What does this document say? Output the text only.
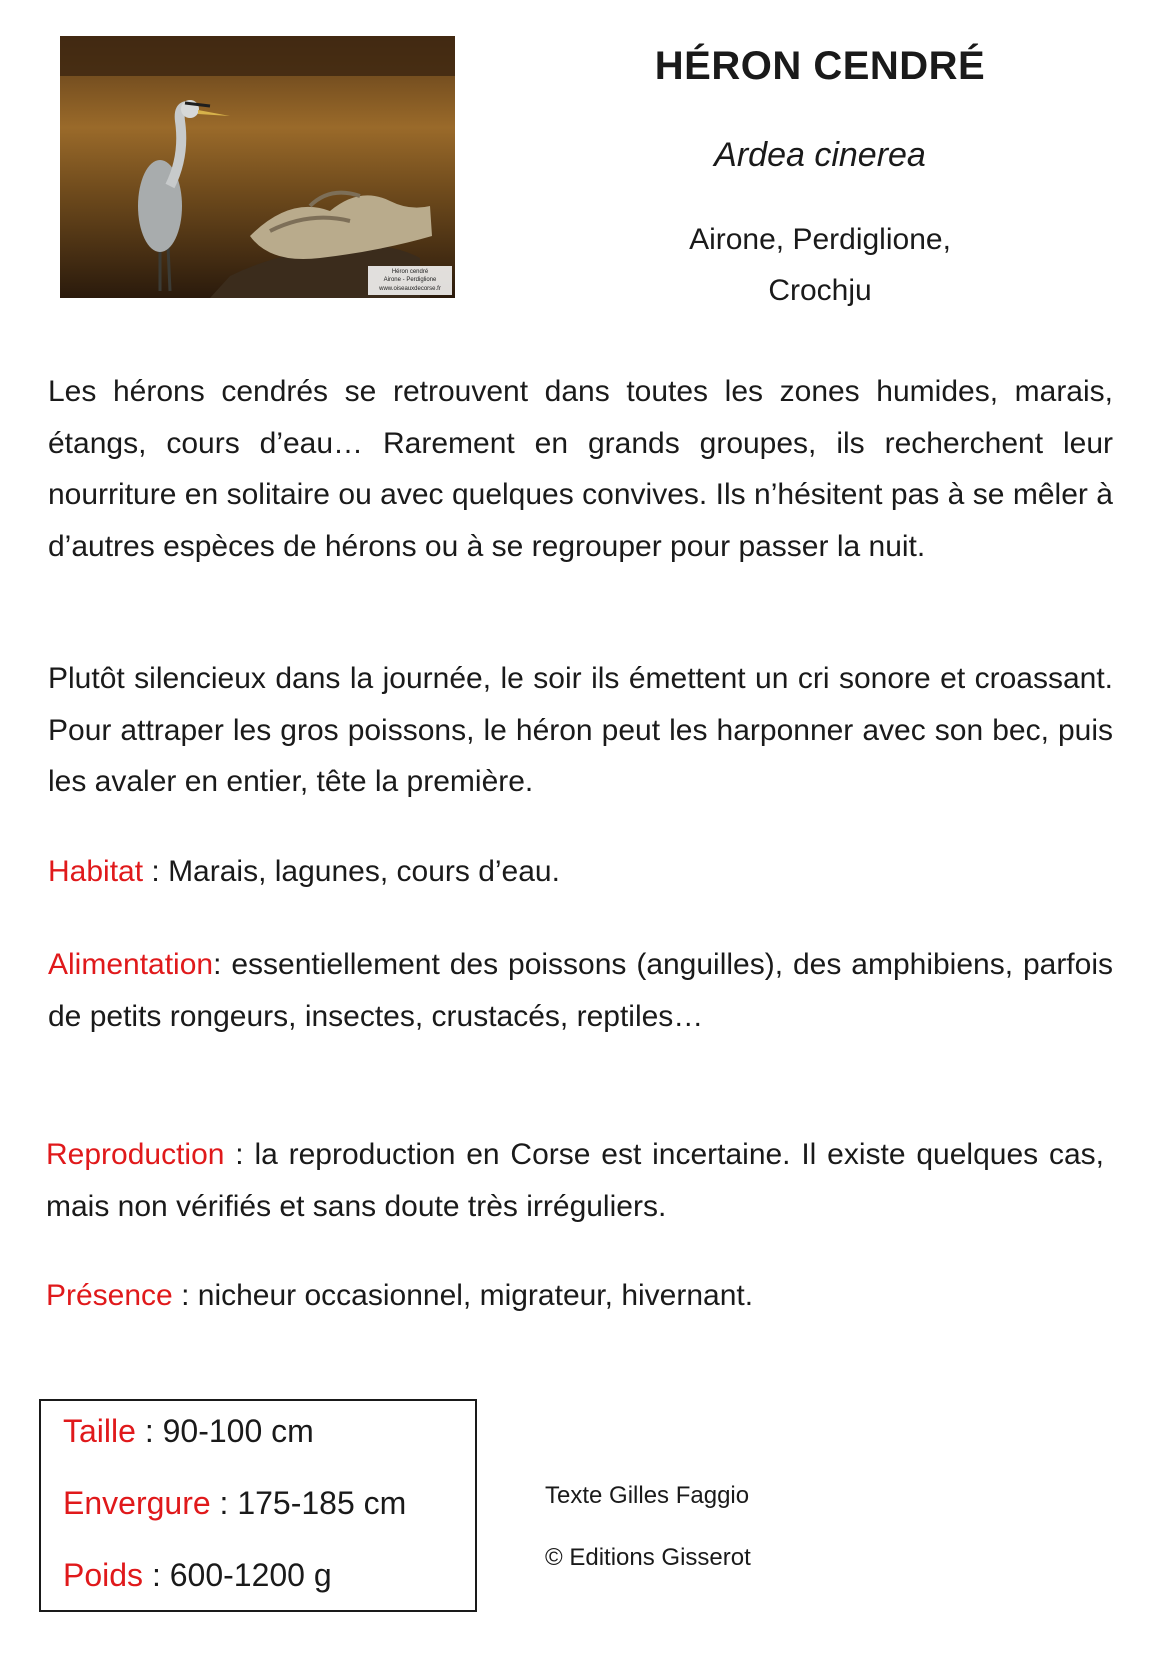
Héron cendré
Airone - Perdiglione
www.oiseauxdecorse.fr
HÉRON CENDRÉ
Ardea cinerea
Airone, Perdiglione,
Crochju

Les hérons cendrés se retrouvent dans toutes les zones humides, marais, étangs, cours d’eau… Rarement en grands groupes, ils recherchent leur nourriture en solitaire ou avec quelques convives. Ils n’hésitent pas à se mêler à d’autres espèces de hérons ou à se regrouper pour passer la nuit.

Plutôt silencieux dans la journée, le soir ils émettent un cri sonore et croassant. Pour attraper les gros poissons, le héron peut les harponner avec son bec, puis les avaler en entier, tête la première.

Habitat : Marais, lagunes, cours d’eau.

Alimentation: essentiellement des poissons (anguilles), des amphibiens, parfois de petits rongeurs, insectes, crustacés, reptiles…

Reproduction : la reproduction en Corse est incertaine. Il existe quelques cas, mais non vérifiés et sans doute très irréguliers.

Présence : nicheur occasionnel, migrateur, hivernant.

Taille : 90-100 cm
Envergure : 175-185 cm
Poids : 600-1200 g
Texte Gilles Faggio
© Editions Gisserot
